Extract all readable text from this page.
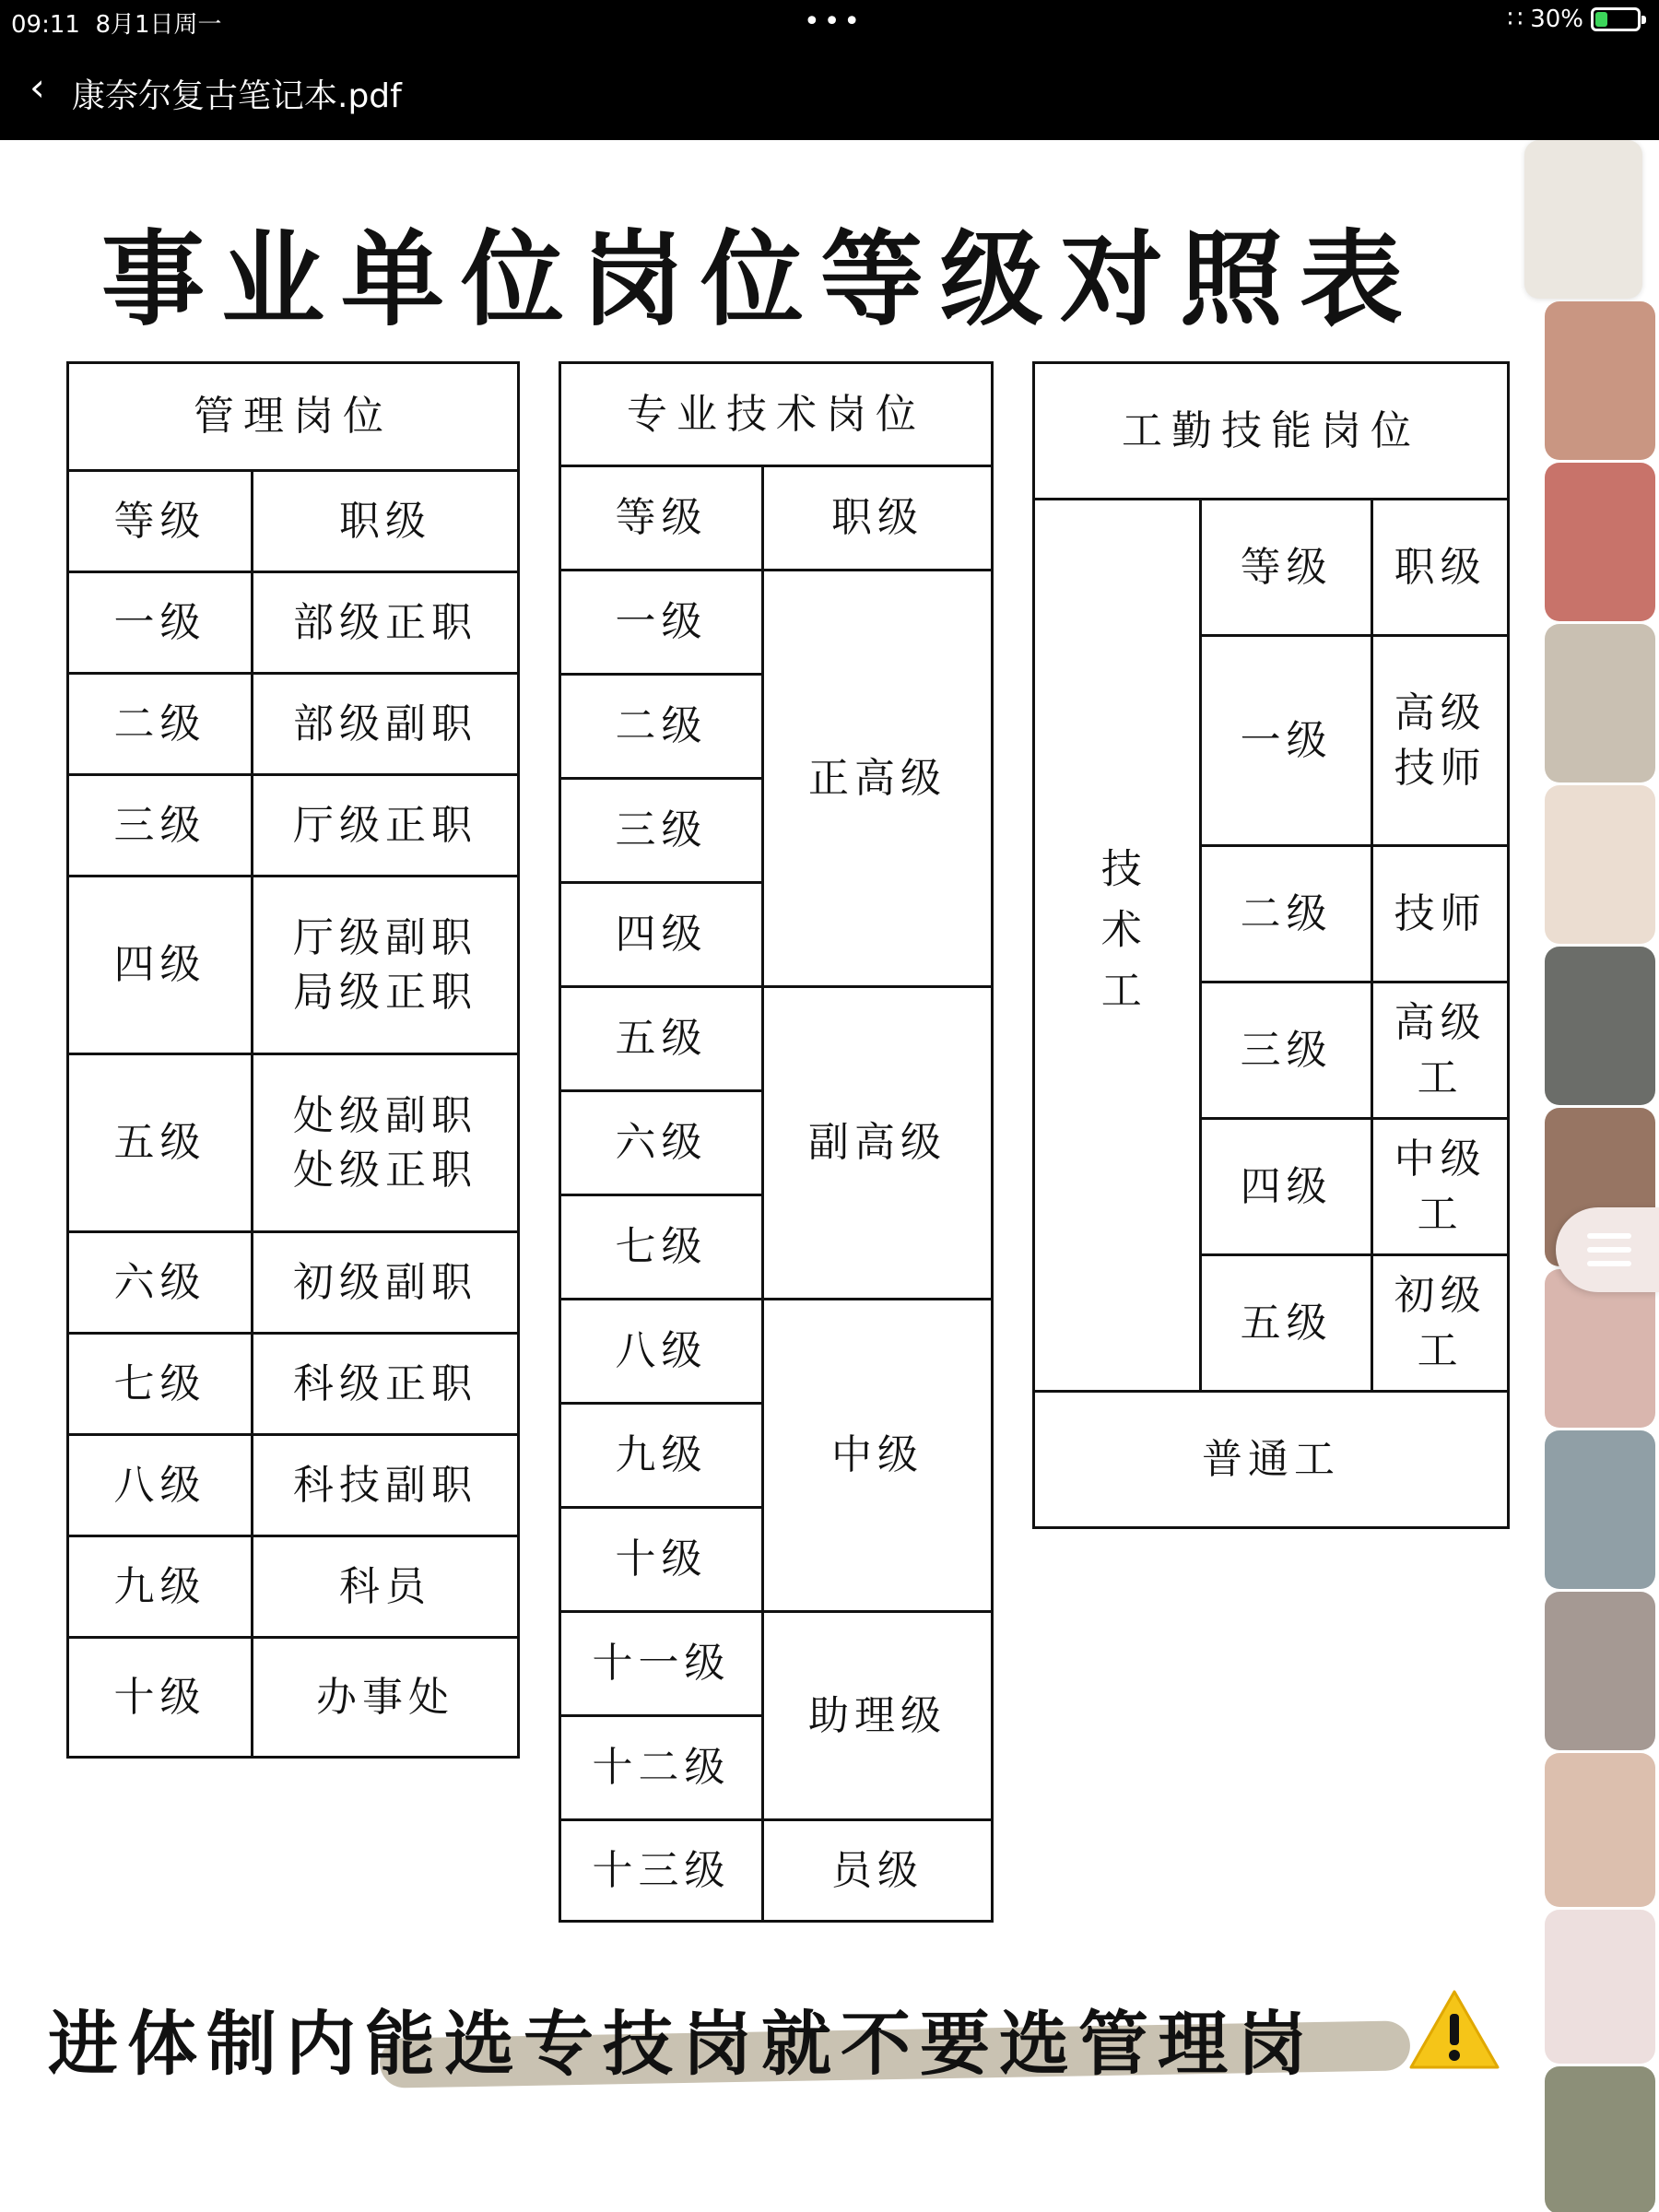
09:11 8月1日周一	•••	∷ 30%
‹ 康奈尔复古笔记本.pdf
事业单位岗位等级对照表
管理岗位	
等级	职级
一级	部级正职
二级	部级副职
三级	厅级正职
四级	厅级副职
局级正职

五级	处级副职
处级正职

六级	初级副职
七级	科级正职
八级	科技副职
九级	科员
十级	办事处
专业技术岗位	
等级	职级
一级	正高级
二级	
三级	
四级	
五级	副高级
六级	
七级	
八级	中级
九级	
十级	
十一级	助理级
十二级	
十三级	员级
工勤技能岗位		
技术工	等级	职级
	一级	高级技师

	二级	技师
	三级	高级工
	四级	中级工
	五级	初级工
普通工		
进体制内能选专技岗就不要选管理岗
